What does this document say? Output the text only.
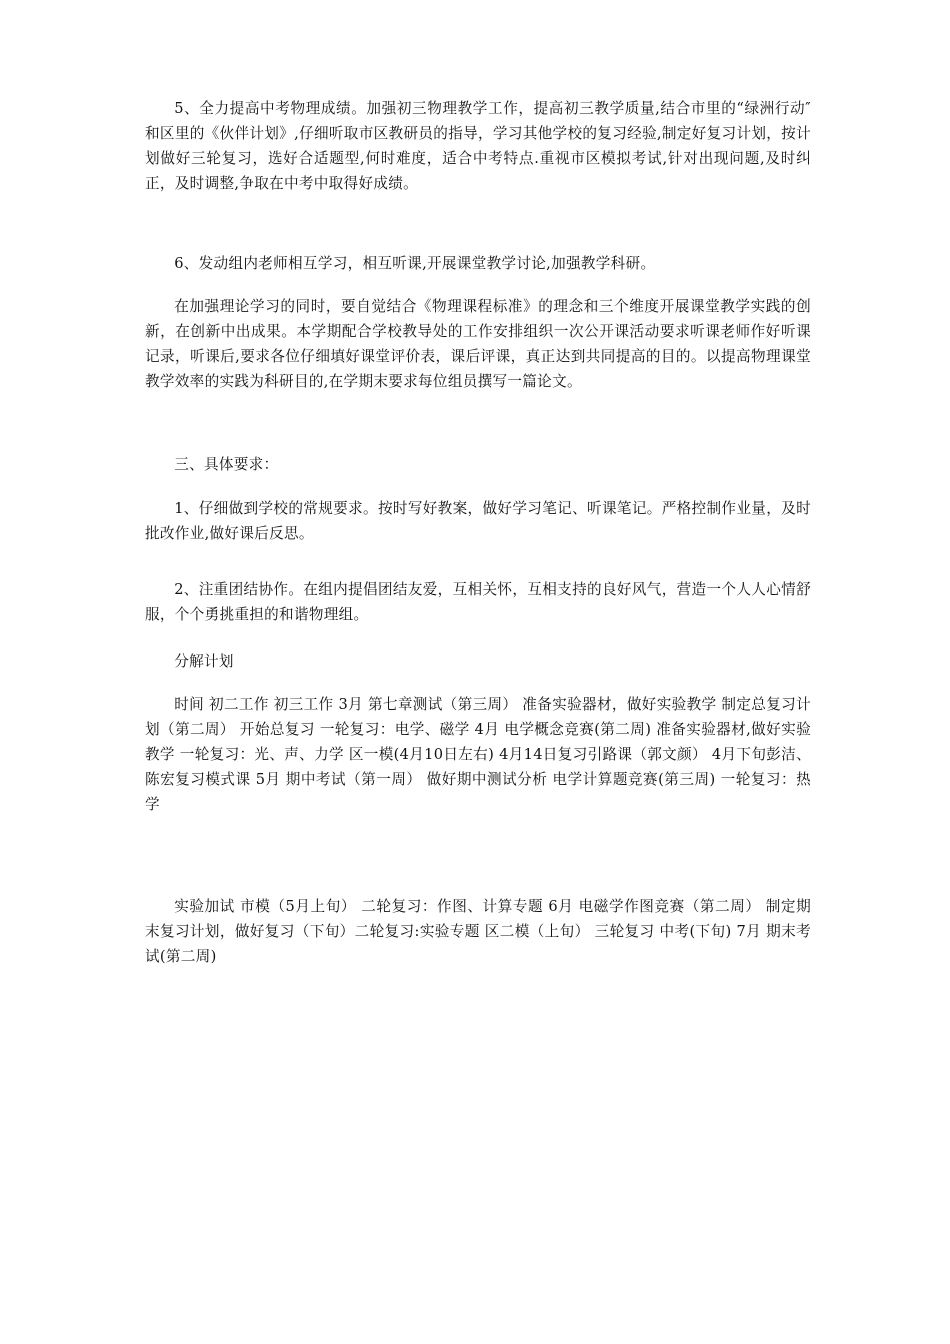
5、全力提高中考物理成绩。加强初三物理教学工作，提高初三教学质量,结合市里的“绿洲行动″和区里的《伙伴计划》,仔细听取市区教研员的指导，学习其他学校的复习经验,制定好复习计划，按计划做好三轮复习，选好合适题型,何时难度，适合中考特点.重视市区模拟考试,针对出现问题,及时纠正，及时调整,争取在中考中取得好成绩。

6、发动组内老师相互学习，相互听课,开展课堂教学讨论,加强教学科研。

在加强理论学习的同时，要自觉结合《物理课程标准》的理念和三个维度开展课堂教学实践的创新，在创新中出成果。本学期配合学校教导处的工作安排组织一次公开课活动要求听课老师作好听课记录，听课后,要求各位仔细填好课堂评价表，课后评课，真正达到共同提高的目的。以提高物理课堂教学效率的实践为科研目的,在学期末要求每位组员撰写一篇论文。

三、具体要求：

1、仔细做到学校的常规要求。按时写好教案，做好学习笔记、听课笔记。严格控制作业量，及时批改作业,做好课后反思。

2、注重团结协作。在组内提倡团结友爱，互相关怀，互相支持的良好风气，营造一个人人心情舒服，个个勇挑重担的和谐物理组。

分解计划

时间 初二工作 初三工作 3月 第七章测试（第三周） 准备实验器材，做好实验教学 制定总复习计划（第二周） 开始总复习 一轮复习：电学、磁学 4月 电学概念竞赛(第二周) 准备实验器材,做好实验教学 一轮复习：光、声、力学 区一模(4月10日左右) 4月14日复习引路课（郭文颜） 4月下旬彭洁、陈宏复习模式课 5月 期中考试（第一周） 做好期中测试分析 电学计算题竞赛(第三周) 一轮复习：热学

实验加试 市模（5月上旬） 二轮复习：作图、计算专题 6月 电磁学作图竞赛（第二周） 制定期末复习计划，做好复习（下旬）二轮复习:实验专题 区二模（上旬） 三轮复习 中考(下旬) 7月 期末考试(第二周)
